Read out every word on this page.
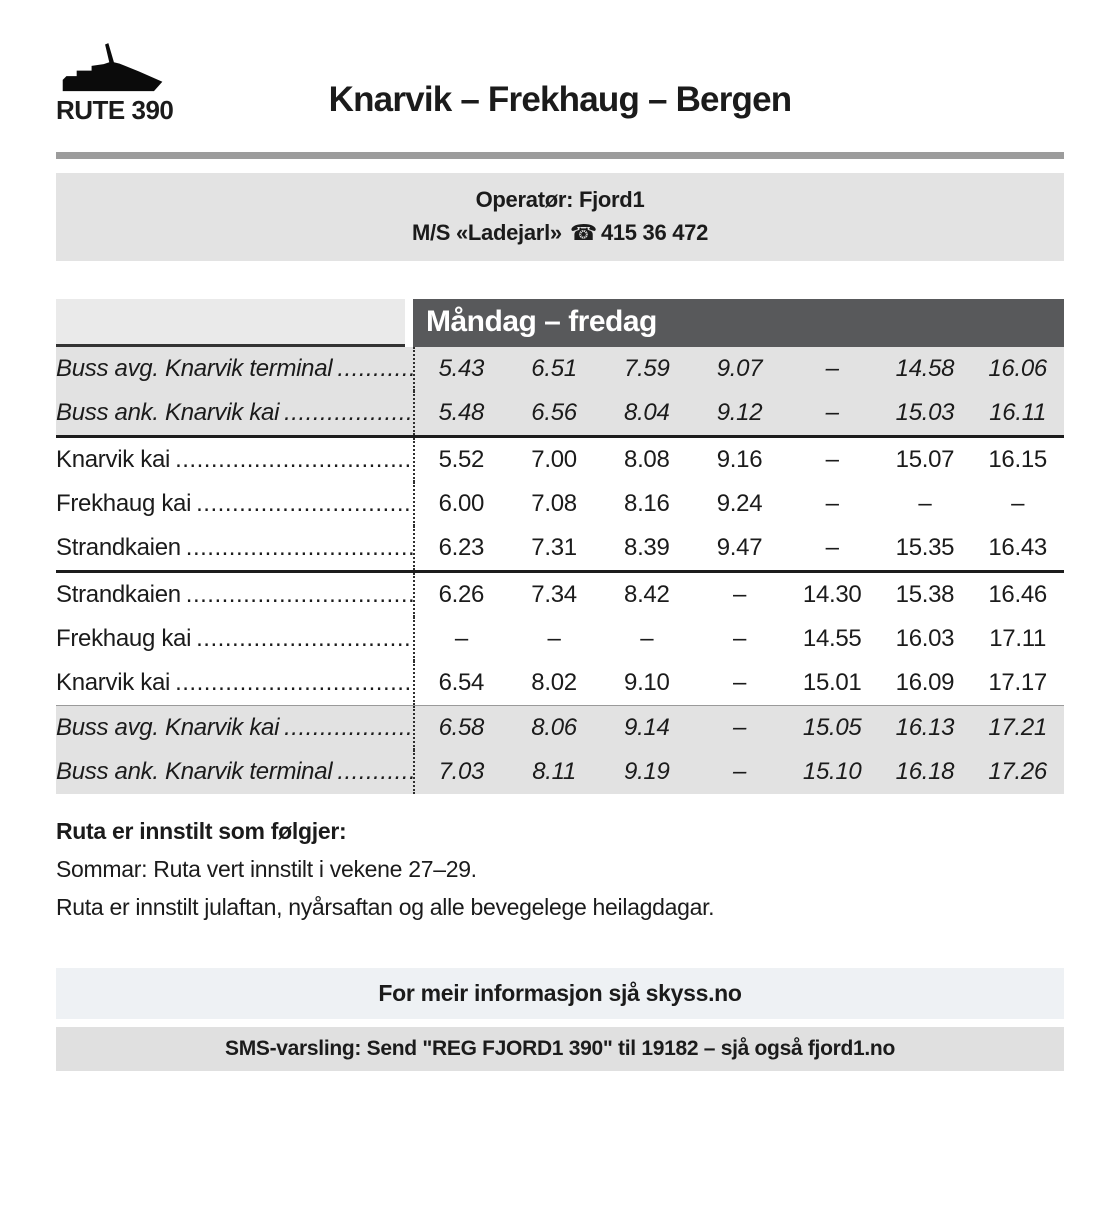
RUTE 390	Knarvik – Frekhaug – Bergen
Operatør: Fjord1
M/S «Ladejarl» ☎ 415 36 472
Måndag – fredag
Buss avg. Knarvik terminal .....	5.43	6.51	7.59	9.07	–	14.58	16.06
Buss ank. Knarvik kai .....	5.48	6.56	8.04	9.12	–	15.03	16.11
Knarvik kai .....	5.52	7.00	8.08	9.16	–	15.07	16.15
Frekhaug kai .....	6.00	7.08	8.16	9.24	–	–	–
Strandkaien .....	6.23	7.31	8.39	9.47	–	15.35	16.43
Strandkaien .....	6.26	7.34	8.42	–	14.30	15.38	16.46
Frekhaug kai .....	–	–	–	–	14.55	16.03	17.11
Knarvik kai .....	6.54	8.02	9.10	–	15.01	16.09	17.17
Buss avg. Knarvik kai .....	6.58	8.06	9.14	–	15.05	16.13	17.21
Buss ank. Knarvik terminal .....	7.03	8.11	9.19	–	15.10	16.18	17.26

Ruta er innstilt som følgjer:

Sommar: Ruta vert innstilt i vekene 27–29.

Ruta er innstilt julaftan, nyårsaftan og alle bevegelege heilagdagar.

For meir informasjon sjå skyss.no
SMS-varsling: Send "REG FJORD1 390" til 19182 – sjå også fjord1.no
